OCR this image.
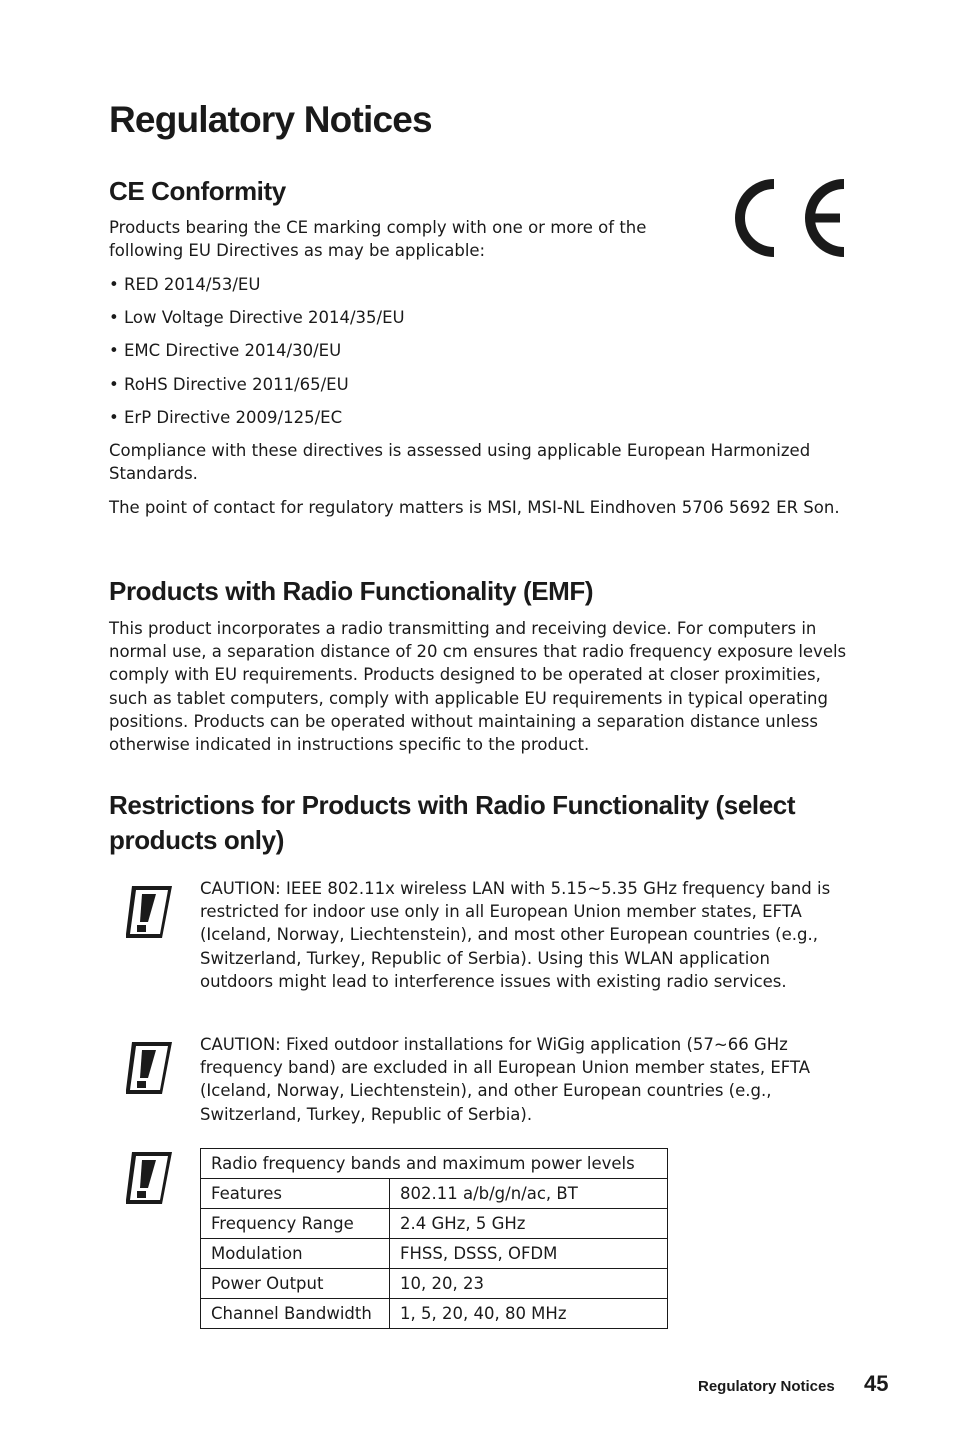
Regulatory Notices
CE Conformity

Products bearing the CE marking comply with one or more of the following EU Directives as may be applicable:

• RED 2014/53/EU
• Low Voltage Directive 2014/35/EU
• EMC Directive 2014/30/EU
• RoHS Directive 2011/65/EU
• ErP Directive 2009/125/EC

Compliance with these directives is assessed using applicable European Harmonized Standards.

The point of contact for regulatory matters is MSI, MSI-NL Eindhoven 5706 5692 ER Son.

Products with Radio Functionality (EMF)

This product incorporates a radio transmitting and receiving device. For computers in normal use, a separation distance of 20 cm ensures that radio frequency exposure levels comply with EU requirements. Products designed to be operated at closer proximities, such as tablet computers, comply with applicable EU requirements in typical operating positions. Products can be operated without maintaining a separation distance unless otherwise indicated in instructions specific to the product.

Restrictions for Products with Radio Functionality (select products only)

CAUTION: IEEE 802.11x wireless LAN with 5.15~5.35 GHz frequency band is restricted for indoor use only in all European Union member states, EFTA (Iceland, Norway, Liechtenstein), and most other European countries (e.g., Switzerland, Turkey, Republic of Serbia). Using this WLAN application outdoors might lead to interference issues with existing radio services.

CAUTION: Fixed outdoor installations for WiGig application (57~66 GHz frequency band) are excluded in all European Union member states, EFTA (Iceland, Norway, Liechtenstein), and other European countries (e.g., Switzerland, Turkey, Republic of Serbia).

Radio frequency bands and maximum power levels	
Features	802.11 a/b/g/n/ac, BT
Frequency Range	2.4 GHz, 5 GHz
Modulation	FHSS, DSSS, OFDM
Power Output	10, 20, 23
Channel Bandwidth	1, 5, 20, 40, 80 MHz
Regulatory Notices 45
